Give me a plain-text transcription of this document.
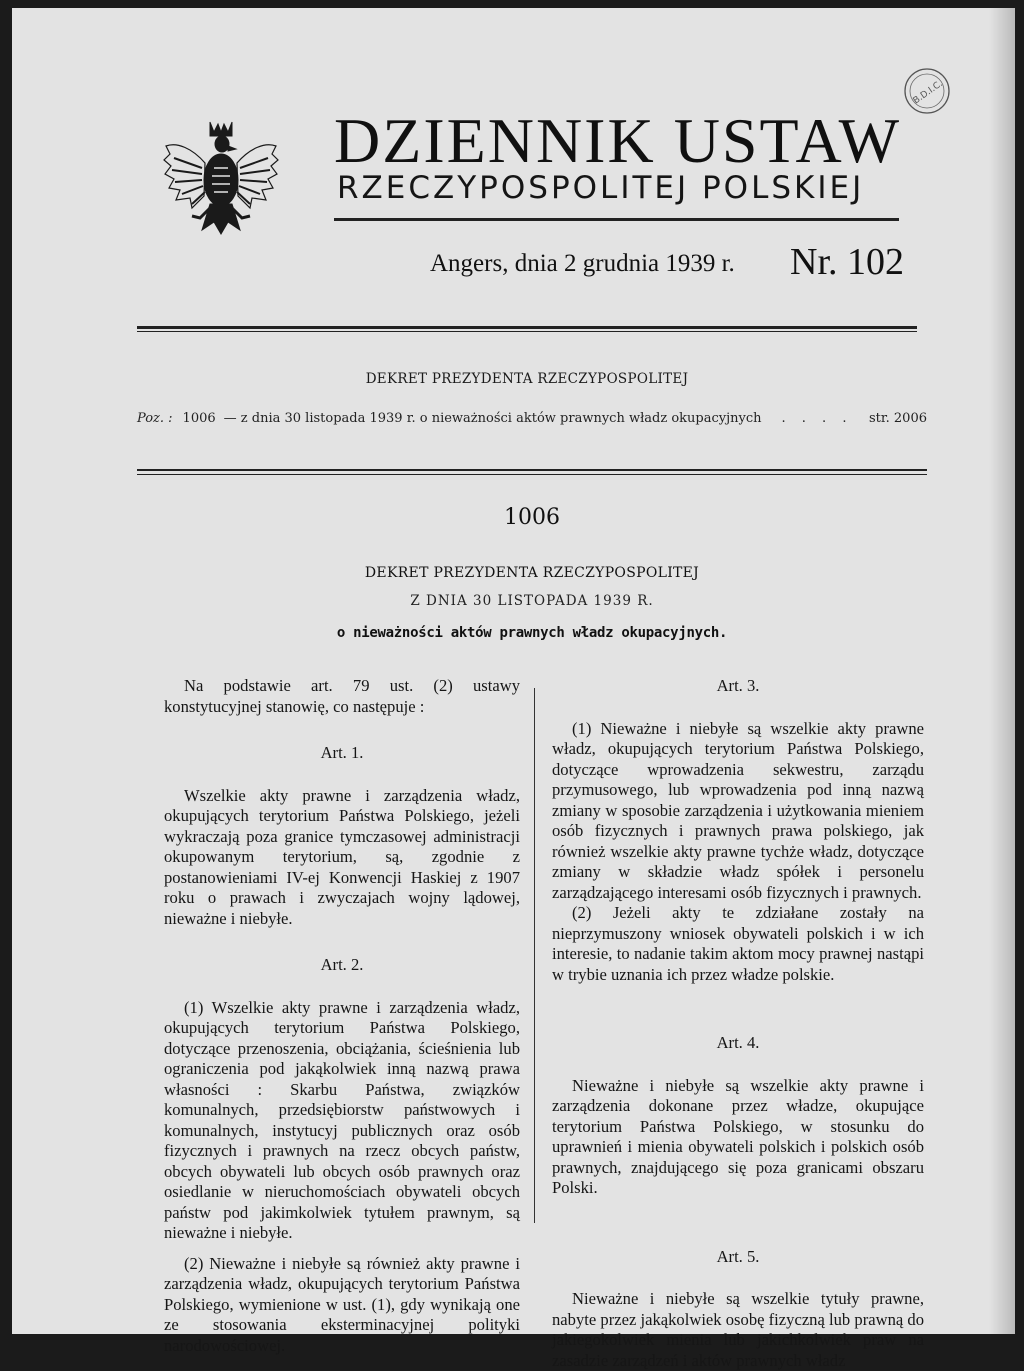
DZIENNIK USTAW
RZECZYPOSPOLITEJ POLSKIEJ
Angers, dnia 2 grudnia 1939 r. Nr. 102
B.D.I.C.
DEKRET PREZYDENTA RZECZYPOSPOLITEJ
Poz. : 1006 — z dnia 30 listopada 1939 r. o nieważności aktów prawnych władz okupacyjnych . . . . str. 2006
1006
DEKRET PREZYDENTA RZECZYPOSPOLITEJ
Z DNIA 30 LISTOPADA 1939 R.
o nieważności aktów prawnych władz okupacyjnych.

Na podstawie art. 79 ust. (2) ustawy konstytucyjnej stanowię, co następuje :

Art. 1.

Wszelkie akty prawne i zarządzenia władz, okupujących terytorium Państwa Polskiego, jeżeli wykraczają poza granice tymczasowej administracji okupowanym terytorium, są, zgodnie z postanowieniami IV-ej Konwencji Haskiej z 1907 roku o prawach i zwyczajach wojny lądowej, nieważne i niebyłe.

Art. 2.

(1) Wszelkie akty prawne i zarządzenia władz, okupujących terytorium Państwa Polskiego, dotyczące przenoszenia, obciążania, ścieśnienia lub ograniczenia pod jakąkolwiek inną nazwą prawa własności : Skarbu Państwa, związków komunalnych, przedsiębiorstw państwowych i komunalnych, instytucyj publicznych oraz osób fizycznych i prawnych na rzecz obcych państw, obcych obywateli lub obcych osób prawnych oraz osiedlanie w nieruchomościach obywateli obcych państw pod jakimkolwiek tytułem prawnym, są nieważne i niebyłe.

(2) Nieważne i niebyłe są również akty prawne i zarządzenia władz, okupujących terytorium Państwa Polskiego, wymienione w ust. (1), gdy wynikają one ze stosowania eksterminacyjnej polityki narodowościowej.

Art. 3.

(1) Nieważne i niebyłe są wszelkie akty prawne władz, okupujących terytorium Państwa Polskiego, dotyczące wprowadzenia sekwestru, zarządu przymusowego, lub wprowadzenia pod inną nazwą zmiany w sposobie zarządzenia i użytkowania mieniem osób fizycznych i prawnych prawa polskiego, jak również wszelkie akty prawne tychże władz, dotyczące zmiany w składzie władz spółek i personelu zarządzającego interesami osób fizycznych i prawnych.

(2) Jeżeli akty te zdziałane zostały na nieprzymuszony wniosek obywateli polskich i w ich interesie, to nadanie takim aktom mocy prawnej nastąpi w trybie uznania ich przez władze polskie.

Art. 4.

Nieważne i niebyłe są wszelkie akty prawne i zarządzenia dokonane przez władze, okupujące terytorium Państwa Polskiego, w stosunku do uprawnień i mienia obywateli polskich i polskich osób prawnych, znajdującego się poza granicami obszaru Polski.

Art. 5.

Nieważne i niebyłe są wszelkie tytuły prawne, nabyte przez jakąkolwiek osobę fizyczną lub prawną do jakiegokolwiek mienia lub jakichkolwiek praw na zasadzie zarządzeń i aktów prawnych władz
